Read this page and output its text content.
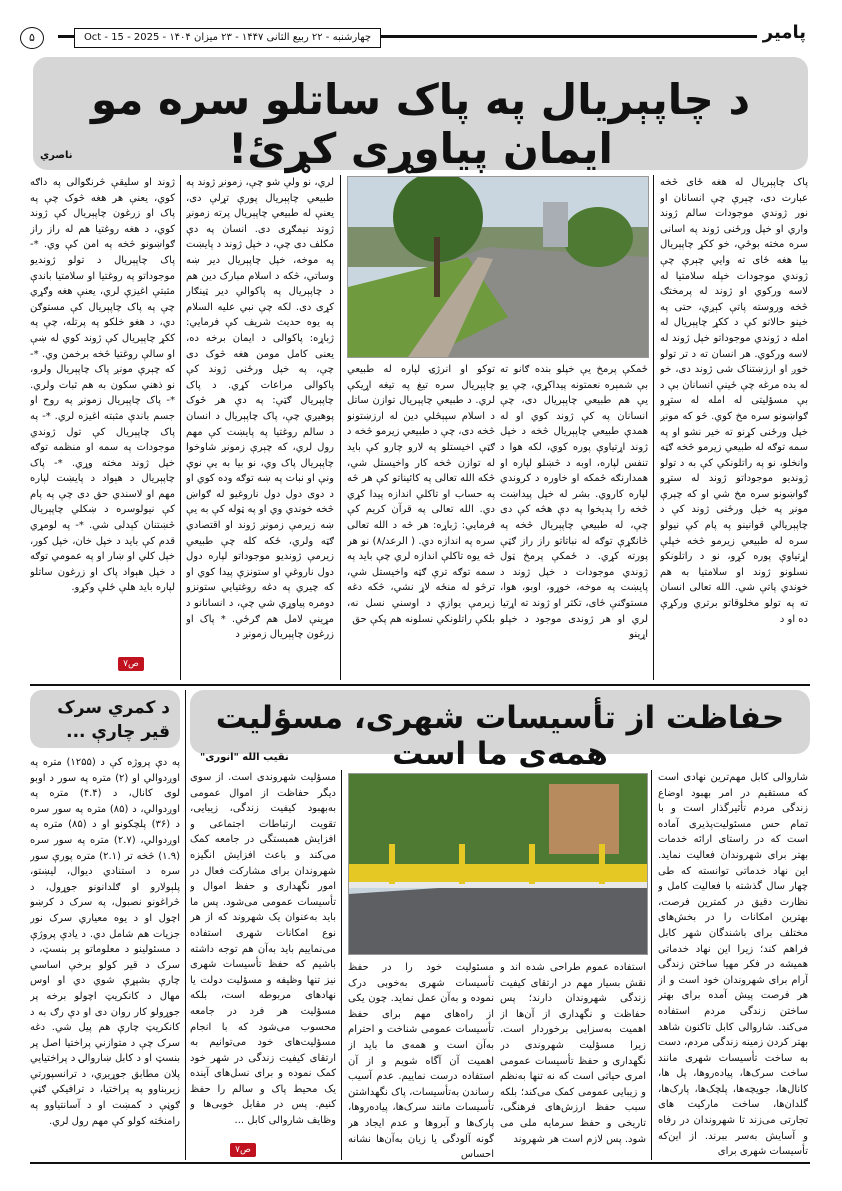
۵	چهارشنبه - ۲۲ ربیع الثانی ۱۴۴۷ - ۲۳ میزان ۱۴۰۴ - Oct - 15 - 2025	پامیر
د چاپېریال په پاک ساتلو سره مو ایمان پیاوړی کړئ!
ناصري

پاک چاپېریال له هغه ځای څخه عبارت دی، چېرې چې انسانان او نور ژوندي موجودات سالم ژوند واري او خپل ورځنی ژوند په اسانی سره مخته بوځي، خو ککړ چاپېریال بیا هغه ځای ته وایي چېرې چې ژوندي موجودات خپله سلامتیا له لاسه ورکوي او ژوند له پرمختګ څخه وروسته پاتې کېږي، حتی په خینو حالاتو کې د ککړ چاپېریال له امله د ژوندي موجوداتو خپل ژوند له لاسه ورکوي. هر انسان ته د تر تولو خوږ او ارزښتناک شی ژوند دی، خو له بده مرغه چې ځینې انسانان بې د بې مسؤلیتی له امله له ستړو ګواښونو سره مخ کوي. څو که مونږ خپل ورځنی کړنو ته خیر نشو او په سمه توګه له طبیعي زیرمو څخه ګټه وانخلو، نو په راتلونکي کې به د تولو ژوندیو موجوداتو ژوند له ستړو ګواښونو سره مخ شي او که چېرې مونږ په خپل ورځنی ژوند کې د چاپېریالي قوانینو په پام کې نیولو سره له طبیعي زیرمو څخه خپلې اړتیاوې پوره کړو، نو د راتلونکو نسلونو ژوند او سلامتیا به هم خوندي پاتې شي. الله تعالی انسان ته په تولو مخلوقاتو برتري ورکړې ده او د

ځمکې پرمخ یې خپلو بنده ګانو ته بې شمېره نعمتونه پیداکړي، چې یو یې هم طبیعي چاپېریال دی، چې انسانان په کې ژوند کوي او له همدې طبیعي چاپېریال څخه د خپل ژوند اړتیاوې پوره کوي، لکه هوا د تنفس لپاره، اوبه د څښلو لپاره او همدارنګه څمکه او خاوره د کروندي لپاره کاروي. بشر له خپل پیداښت څخه را پدېخوا په دې هڅه کې دی چې، له طبیعي چاپېریال څخه په څانګړې توګه له نباتاتو راز راز ګټې پورته کړي. د ځمکې پرمخ ټول ژوندي موجودات د خپل ژوند د پایښت په موخه، خوړو، اوبو، هوا، مستوګنې ځای، تکثر او ژوند ته اړتیا لري او هر ژوندی موجود د خپلو اړینو

توکو او انرژۍ لپاره له طبیعي چاپېریال سره تیغ په تیغه اړیکې لري. د طبیعي چاپېریال توازن ساتل د اسلام سپېڅلي دین له ارزښتونو څخه دی، چې د طبیعي زیرمو څخه د ګټې اخیستلو په لارو چارو کې باید له توازن څخه کار واخیستل شي، څکه الله تعالی په کائیناتو کې هر څه په حساب او تاکلي اندازه پیدا کړي دي. الله تعالی په قرآن کریم کې فرمایي: ژباړه: هر څه د الله تعالی سره په اندازه دي. ( الرعد/۸) نو هر څه یوه تاکلې اندازه لري چې باید په سمه توګه ترې ګټه واخیستل شي، ترڅو له منځه لاړ نشي، څکه دغه زیرمې یوازې د اوسني نسل نه، بلکې راتلونکي نسلونه هم پکې حق

لري، نو ولې شو چې، زمونږ ژوند په طبیعي چاپېریال پورې تړلې دی، یعنې له طبیعي چاپېریال پرته زمونږ ژوند نیمګړی دی. انسان په دې مکلف دی چې، د خپل ژوند د پایښت په موخه، خپل چاپېریال دیر ښه وساتي، څکه د اسلام مبارک دین هم د چاپېریال په پاکوالي دیر ټینګار کړی دی. لکه چې نبي علیه السلام په یوه حدیث شریف کې فرمایي: ژباړه: پاکوالی د ایمان برخه ده، یعنی کامل مومن هغه څوک دی چې، په خپل ورځنی ژوند کې پاکوالی مراعات کړي. د پاک چاپېریال ګټې: په دې هر څوک پوهیږي چې، پاک چاپېریال د انسان د سالم روغتیا په پایښت کې مهم رول لري، که چېرې زمونږ شاوخوا چاپېریال پاک وي، نو بیا به یې نوې ونې او نبات په ښه توګه وده کوي او د دوی دول دول ناروغیو له ګواښ څخه خوندي وي او په ټوله کې به یې ښه زیرمې زمونږ ژوند او اقتصادي ګټه ولري، ځکه کله چې طبیعي زیرمې ژوندیو موجوداتو لپاره دول دول ناروغي او ستونزې پیدا کوي او که چیري په دغه روغتیایي ستونزو دومره پیاوړي شي چې، د انسانانو د مړینې لامل هم ګرځي. * پاک او زرغون چاپېریال زمونږ د

ژوند او سلیقې څرنګوالی په داګه کوي، یعنې هر هغه څوک چې په پاک او زرغون چاپېریال کې ژوند کوي، د هغه روغتیا هم له راز راز ګواښونو څخه په امن کې وي. *- پاک چاپېریال د تولو ژوندیو موجوداتو په روغتیا او سلامتیا باندې مثبتې اغیزې لري، یعنې هغه وګړي چې په پاک چاپېریال کې مستوګن دي، د هغو خلکو په پرتله، چې په ککړ چاپېریال کې ژوند کوي له ښې او سالې روغتیا څخه برخمن وي. *- که چېرې مونږ پاک چاپېریال ولرو، نو ذهني سکون به هم ثبات ولري. *- پاک چاپېریال زمونږ په روح او جسم باندې مثبته اغیزه لري. *- په پاک چاپېریال کې تول ژوندي موجودات په سمه او منظمه توګه خپل ژوند مخته وړي. *- پاک چاپېریال د هېواد د پایښت لپاره مهم او لاسندي حق دی چې په پام کې نیولوسره د ښکلي چاپېریال څښتنان کېدلی شي. *- په لومړي قدم کې باید د خپل خان، خپل کور، خپل کلي او ښار او په عمومي توګه د خپل هېواد پاک او زرغون ساتلو لپاره باید هلې ځلې وکړو.

ص۷
د کمري سرک قیر چارې ...

په دې پروژه کې د (۱۲۵۵) متره په اوږدوالي او (۲) متره په سور د اوبو لوی کانال، د (۴.۴) متره په اوږدوالي، د (۸۵) متره په سور سره د (۳۶) پلچکونو او د (۸۵) متره په اوږدوالي، (۲.۷) متره په سور سره (۱.۹) څخه تر (۲.۱) متره پورې سور سره د استنادي دیوال، لیښتو، پلېولارو او ګلدانونو جوړول، د څراغونو نصبول، په سرک د کرښو اچول او د یوه معیاري سرک نور جزیات هم شامل دي. د یادې پروژې د مسئولینو د معلوماتو پر بنسټ، د سرک د قیر کولو برخې اساسي چارې بشپړې شوي دي او اوس مهال د کانکریټ اچولو برخه پر جوړولو کار روان دی او دې رګ به د کانکریټ چارې هم پیل شي. دغه سرک چې د متوازني پراختیا اصل پر بنسټ او د کابل ښاروالۍ د پراختیایي پلان مطابق جوړیږي، د ترانسپورتي زیربناوو په پراختیا، د ترافیکي ګڼې ګوڼې د کمښت او د آسانتیاوو په رامنځته کولو کې مهم رول لري.

حفاظت از تأسیسات شهری، مسؤلیت همه‌ی ما است
نقیب الله "انوری"

شاروالی کابل مهم‌ترین نهادی است که مستقیم در امر بهبود اوضاع زندگی مردم تأثیرگذار است و با تمام حس مسئولیت‌پذیری آماده است که در راستای ارائه خدمات بهتر برای شهروندان فعالیت نماید. این نهاد خدماتی توانسته که طی چهار سال گذشته با فعالیت کامل و نظارت دقیق در کمترین فرصت، بهترین امکانات را در بخش‌های مختلف برای باشندگان شهر کابل فراهم کند؛ زیرا این نهاد خدماتی همیشه در فکر مهیا ساختن زندگی آرام برای شهروندان خود است و از هر فرصت پیش آمده برای بهتر ساختن زندگی مردم استفاده می‌کند. شاروالی کابل تاکنون شاهد بهتر کردن زمینه زندگی مردم، دست به ساخت تأسیسات شهری مانند ساخت سرک‌ها، پیاده‌روها، پل ها، کانال‌ها، جویچه‌ها، پلچک‌ها، پارک‌ها، گلدان‌ها، ساخت مارکیت های تجارتی می‌زند تا شهروندان در رفاه و آسایش به‌سر ببرند. از این‌که تأسیسات شهری برای

استفاده عموم طراحی شده اند و نقش بسیار مهم در ارتقای کیفیت زندگی شهروندان دارند؛ پس حفاظت و نگهداری از آن‌ها از اهمیت به‌سزایی برخوردار است. زیرا مسؤلیت شهروندی در نگهداری و حفظ تأسیسات عمومی امری حیاتی است که نه تنها به‌نظم و زیبایی عمومی کمک می‌کند؛ بلکه سبب حفظ ارزش‌های فرهنگی، تاریخی و حفظ سرمایه ملی می شود. پس لازم است هر شهروند

مسئولیت خود را در حفظ تأسیسات شهری به‌خوبی درک نموده و به‌آن عمل نماید. چون یکی از راه‌های مهم برای حفظ تأسیسات عمومی شناخت و احترام به‌آن است و همه‌ی ما باید از اهمیت آن آگاه شویم و از آن استفاده درست نماییم. عدم آسیب رساندن به‌تأسیسات، پاک نگهداشتن تأسیسات مانند سرک‌ها، پیاده‌روها، پارک‌ها و آبروها و عدم ایجاد هر گونه آلودگی یا زیان به‌آن‌ها نشانه احساس

مسؤلیت شهروندی است. از سوی دیگر حفاظت از اموال عمومی به‌بهبود کیفیت زندگی، زیبایی، تقویت ارتباطات اجتماعی و افزایش همبستگی در جامعه کمک می‌کند و باعث افزایش انگیزه شهروندان برای مشارکت فعال در امور نگهداری و حفظ اموال و تأسیسات عمومی می‌شود. پس ما باید به‌عنوان یک شهروند که از هر نوع امکانات شهری استفاده می‌نماییم باید به‌آن هم توجه داشته باشیم که حفظ تأسیسات شهری نیز تنها وظیفه و مسؤلیت دولت یا نهادهای مربوطه است، بلکه مسؤلیت هر فرد در جامعه محسوب می‌شود که با انجام مسؤلیت‌های خود می‌توانیم به ارتقای کیفیت زندگی در شهر خود کمک نموده و برای نسل‌های آینده یک محیط پاک و سالم را حفظ کنیم. پس در مقابل خوبی‌ها و وظایف شاروالی کابل ...

ص۷
